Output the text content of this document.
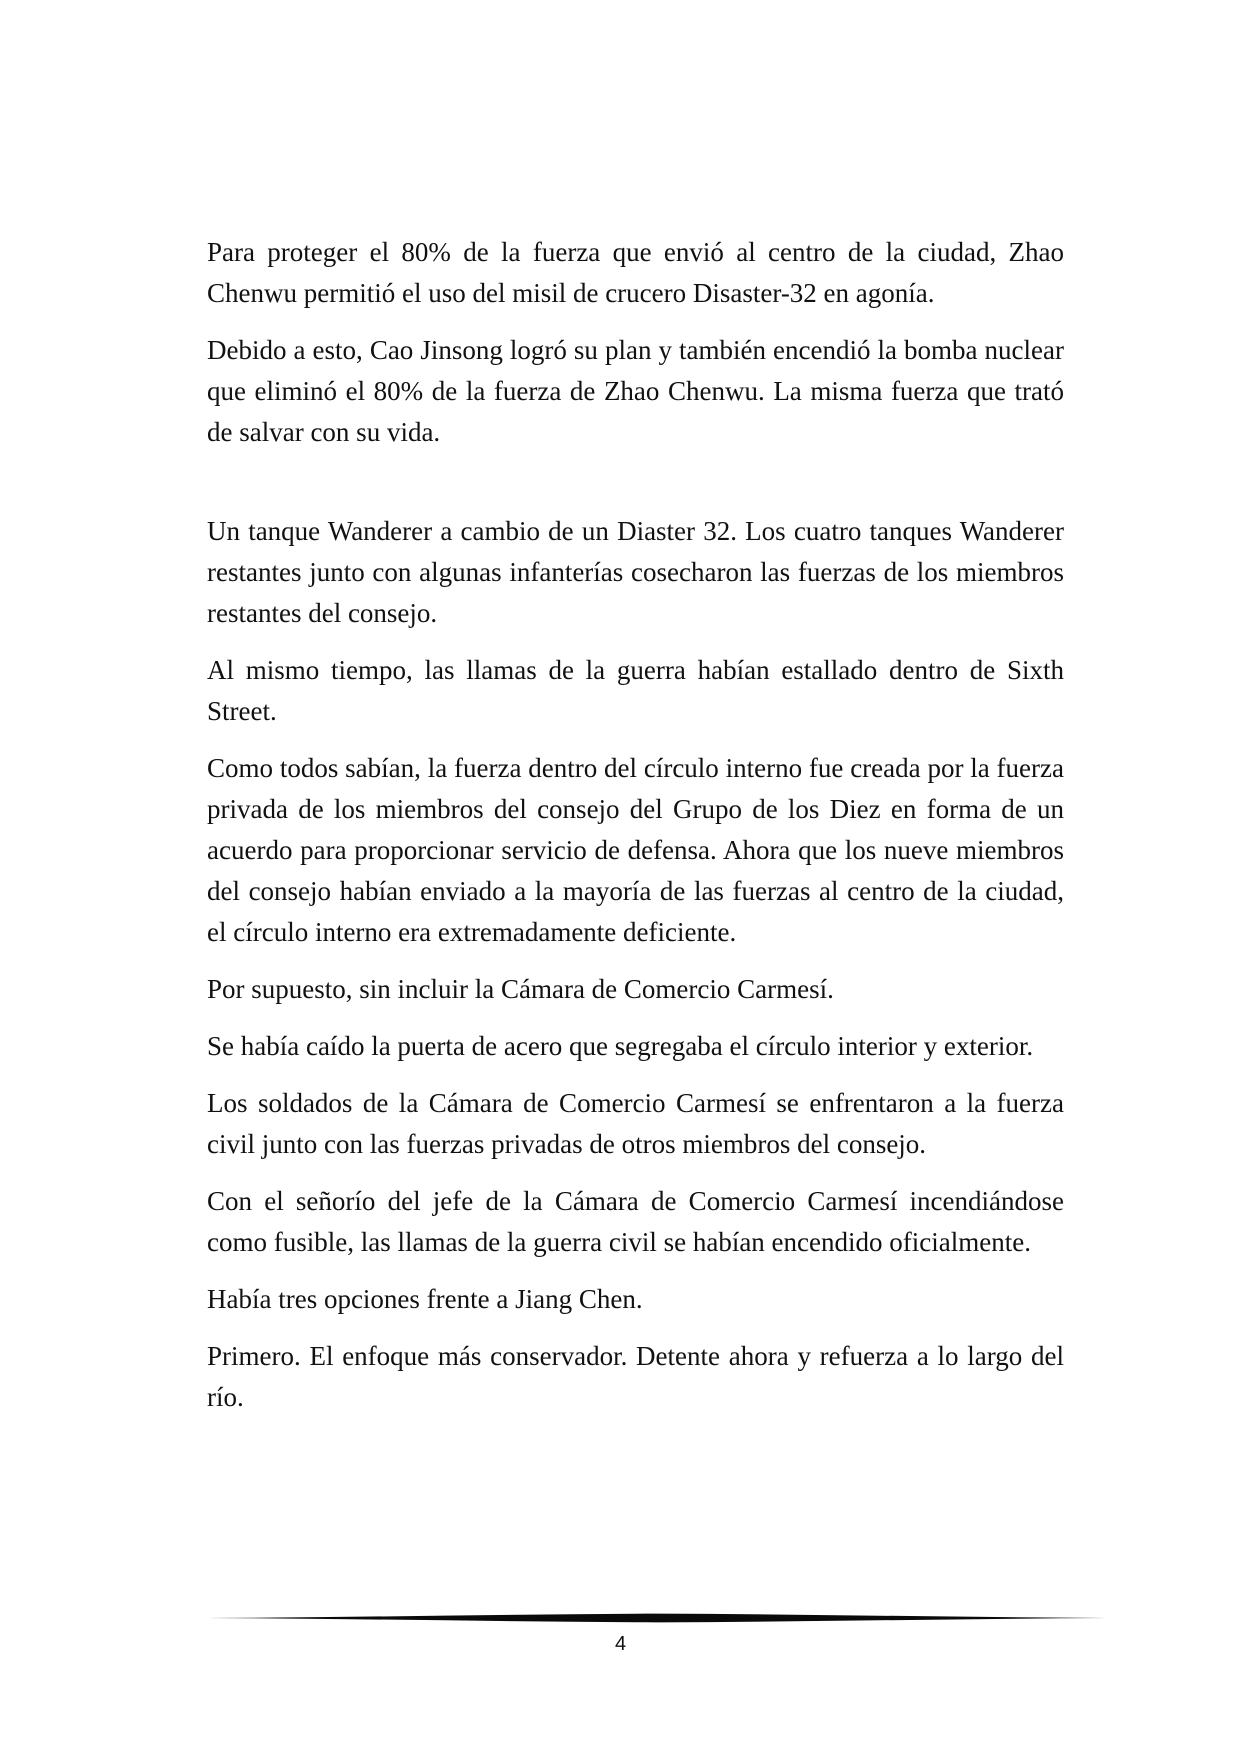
Para proteger el 80% de la fuerza que envió al centro de la ciudad, Zhao Chenwu permitió el uso del misil de crucero Disaster-32 en agonía.

Debido a esto, Cao Jinsong logró su plan y también encendió la bomba nuclear que eliminó el 80% de la fuerza de Zhao Chenwu. La misma fuerza que trató de salvar con su vida.

Un tanque Wanderer a cambio de un Diaster 32. Los cuatro tanques Wanderer restantes junto con algunas infanterías cosecharon las fuerzas de los miembros restantes del consejo.

Al mismo tiempo, las llamas de la guerra habían estallado dentro de Sixth Street.

Como todos sabían, la fuerza dentro del círculo interno fue creada por la fuerza privada de los miembros del consejo del Grupo de los Diez en forma de un acuerdo para proporcionar servicio de defensa. Ahora que los nueve miembros del consejo habían enviado a la mayoría de las fuerzas al centro de la ciudad, el círculo interno era extremadamente deficiente.

Por supuesto, sin incluir la Cámara de Comercio Carmesí.

Se había caído la puerta de acero que segregaba el círculo interior y exterior.

Los soldados de la Cámara de Comercio Carmesí se enfrentaron a la fuerza civil junto con las fuerzas privadas de otros miembros del consejo.

Con el señorío del jefe de la Cámara de Comercio Carmesí incendiándose como fusible, las llamas de la guerra civil se habían encendido oficialmente.

Había tres opciones frente a Jiang Chen.

Primero. El enfoque más conservador. Detente ahora y refuerza a lo largo del río.

4
